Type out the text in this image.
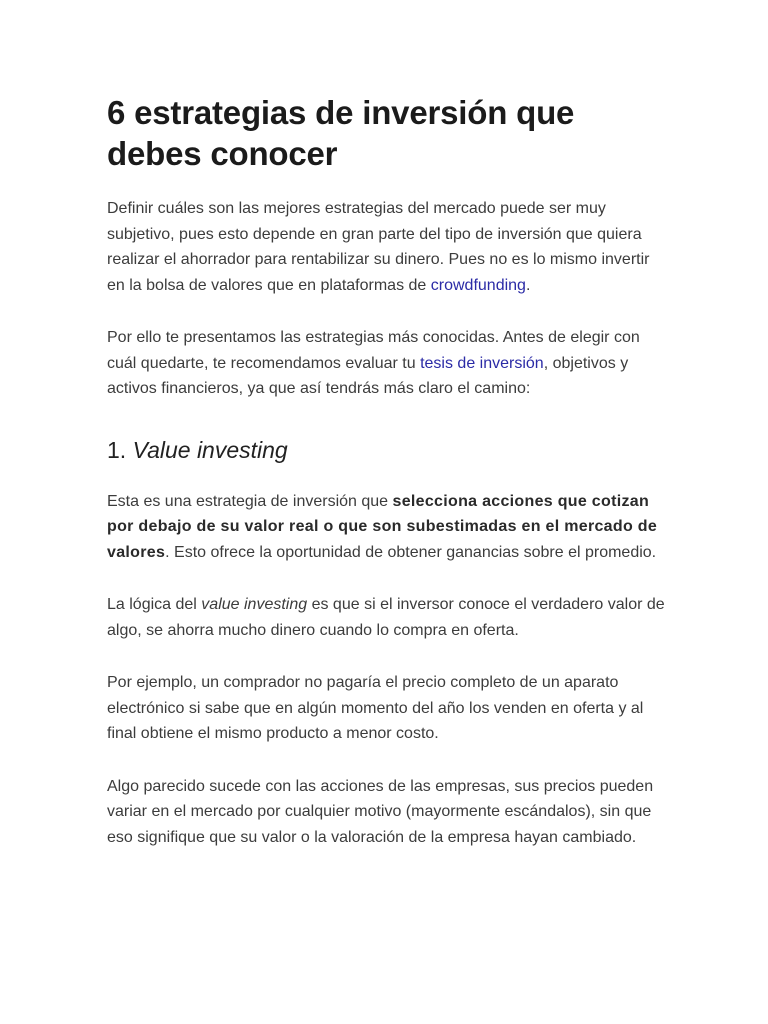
6 estrategias de inversión que debes conocer

Definir cuáles son las mejores estrategias del mercado puede ser muy subjetivo, pues esto depende en gran parte del tipo de inversión que quiera realizar el ahorrador para rentabilizar su dinero. Pues no es lo mismo invertir en la bolsa de valores que en plataformas de crowdfunding.

Por ello te presentamos las estrategias más conocidas. Antes de elegir con cuál quedarte, te recomendamos evaluar tu tesis de inversión, objetivos y activos financieros, ya que así tendrás más claro el camino:

1. Value investing

Esta es una estrategia de inversión que selecciona acciones que cotizan por debajo de su valor real o que son subestimadas en el mercado de valores. Esto ofrece la oportunidad de obtener ganancias sobre el promedio.

La lógica del value investing es que si el inversor conoce el verdadero valor de algo, se ahorra mucho dinero cuando lo compra en oferta.

Por ejemplo, un comprador no pagaría el precio completo de un aparato electrónico si sabe que en algún momento del año los venden en oferta y al final obtiene el mismo producto a menor costo.

Algo parecido sucede con las acciones de las empresas, sus precios pueden variar en el mercado por cualquier motivo (mayormente escándalos), sin que eso signifique que su valor o la valoración de la empresa hayan cambiado.
